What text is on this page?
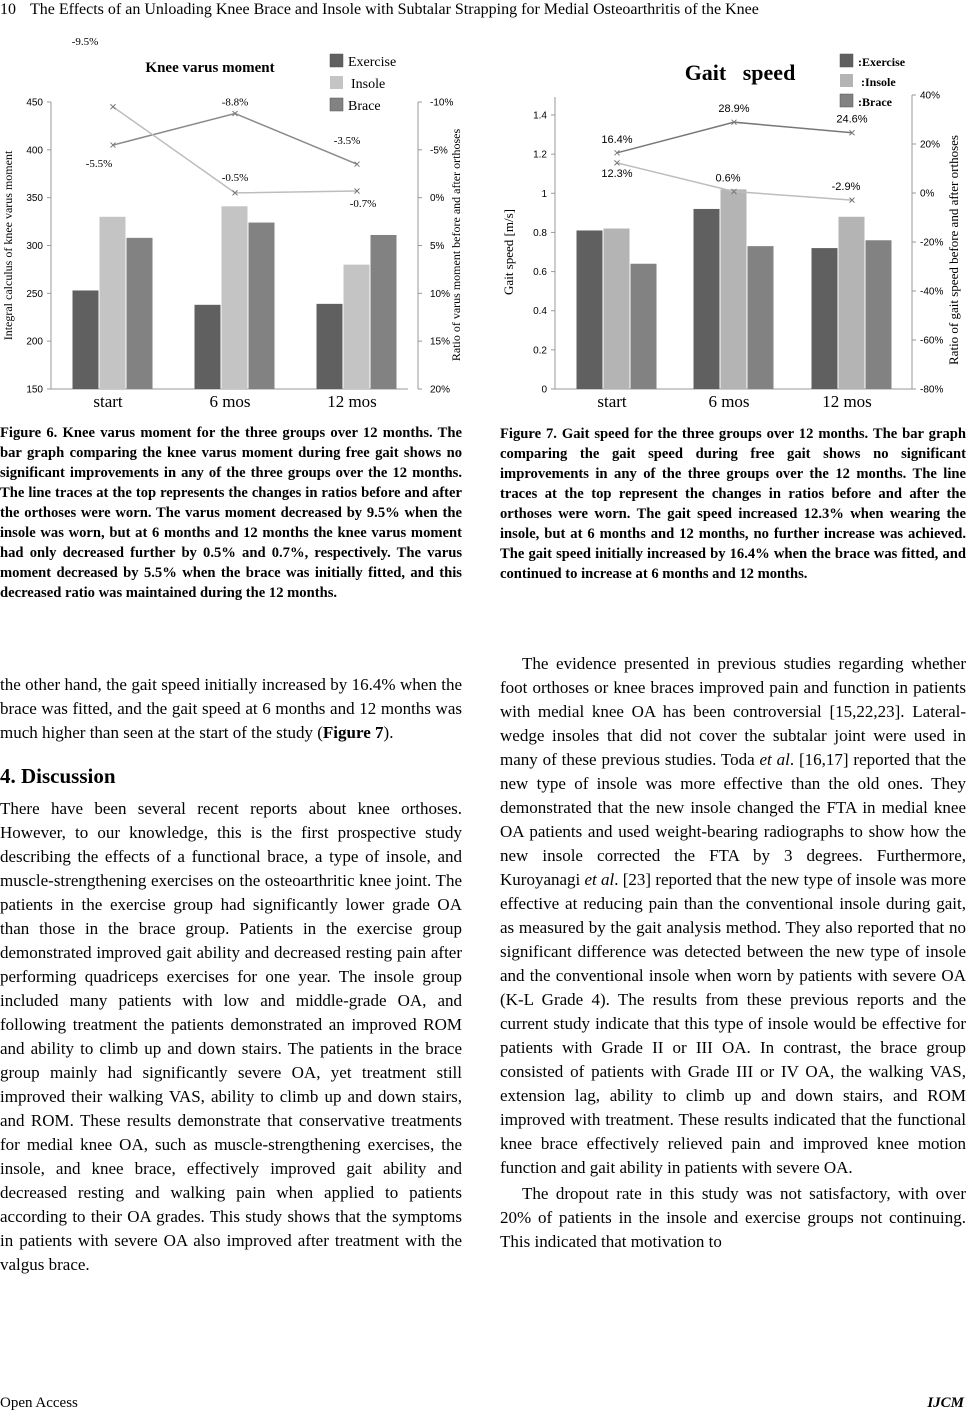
10 The Effects of an Unloading Knee Brace and Insole with Subtalar Strapping for Medial Osteoarthritis of the Knee
150
200
250
300
350
400
450	-10%
-5%
0%
5%
10%
15%
20%
-5.5%
-8.8%
-3.5%
-9.5%
-0.5%
-0.7%
start	6 mos	12 mos
Knee varus moment	Exercise
Insole
Brace
Integral calculus of knee varus moment	Ratio of varus moment before and after orthoses
0
0.2
0.4
0.6
0.8
1
1.2
1.4
-80%
-60%
-40%
-20%
0%
20%
40%
16.4%
28.9%
24.6%
12.3%	0.6%
-2.9%
start	6 mos	12 mos
Gait   speed	:Exercise
:Insole
:Brace
Gait speed [m/s]	Ratio of gait speed before and after orthoses
Figure 6. Knee varus moment for the three groups over 12 months. The bar graph comparing the knee varus moment during free gait shows no significant improvements in any of the three groups over the 12 months. The line traces at the top represents the changes in ratios before and after the orthoses were worn. The varus moment decreased by 9.5% when the insole was worn, but at 6 months and 12 months the knee varus moment had only decreased further by 0.5% and 0.7%, respectively. The varus moment decreased by 5.5% when the brace was initially fitted, and this decreased ratio was maintained during the 12 months.
Figure 7. Gait speed for the three groups over 12 months. The bar graph comparing the gait speed during free gait shows no significant improvements in any of the three groups over the 12 months. The line traces at the top represent the changes in ratios before and after the orthoses were worn. The gait speed increased 12.3% when wearing the insole, but at 6 months and 12 months, no further increase was achieved. The gait speed initially increased by 16.4% when the brace was fitted, and continued to increase at 6 months and 12 months.

the other hand, the gait speed initially increased by 16.4% when the brace was fitted, and the gait speed at 6 months and 12 months was much higher than seen at the start of the study (Figure 7).

4. Discussion

There have been several recent reports about knee orthoses. However, to our knowledge, this is the first prospective study describing the effects of a functional brace, a type of insole, and muscle-strengthening exercises on the osteoarthritic knee joint. The patients in the exercise group had significantly lower grade OA than those in the brace group. Patients in the exercise group demonstrated improved gait ability and decreased resting pain after performing quadriceps exercises for one year. The insole group included many patients with low and middle-grade OA, and following treatment the patients demonstrated an improved ROM and ability to climb up and down stairs. The patients in the brace group mainly had significantly severe OA, yet treatment still improved their walking VAS, ability to climb up and down stairs, and ROM. These results demonstrate that conservative treatments for medial knee OA, such as muscle-strengthening exercises, the insole, and knee brace, effectively improved gait ability and decreased resting and walking pain when applied to patients according to their OA grades. This study shows that the symptoms in patients with severe OA also improved after treatment with the valgus brace.

The evidence presented in previous studies regarding whether foot orthoses or knee braces improved pain and function in patients with medial knee OA has been controversial [15,22,23]. Lateral-wedge insoles that did not cover the subtalar joint were used in many of these previous studies. Toda et al. [16,17] reported that the new type of insole was more effective than the old ones. They demonstrated that the new insole changed the FTA in medial knee OA patients and used weight-bearing radiographs to show how the new insole corrected the FTA by 3 degrees. Furthermore, Kuroyanagi et al. [23] reported that the new type of insole was more effective at reducing pain than the conventional insole during gait, as measured by the gait analysis method. They also reported that no significant difference was detected between the new type of insole and the conventional insole when worn by patients with severe OA (K-L Grade 4). The results from these previous reports and the current study indicate that this type of insole would be effective for patients with Grade II or III OA. In contrast, the brace group consisted of patients with Grade III or IV OA, the walking VAS, extension lag, ability to climb up and down stairs, and ROM improved with treatment. These results indicated that the functional knee brace effectively relieved pain and improved knee motion function and gait ability in patients with severe OA.

The dropout rate in this study was not satisfactory, with over 20% of patients in the insole and exercise groups not continuing. This indicated that motivation to

Open Access	IJCM
